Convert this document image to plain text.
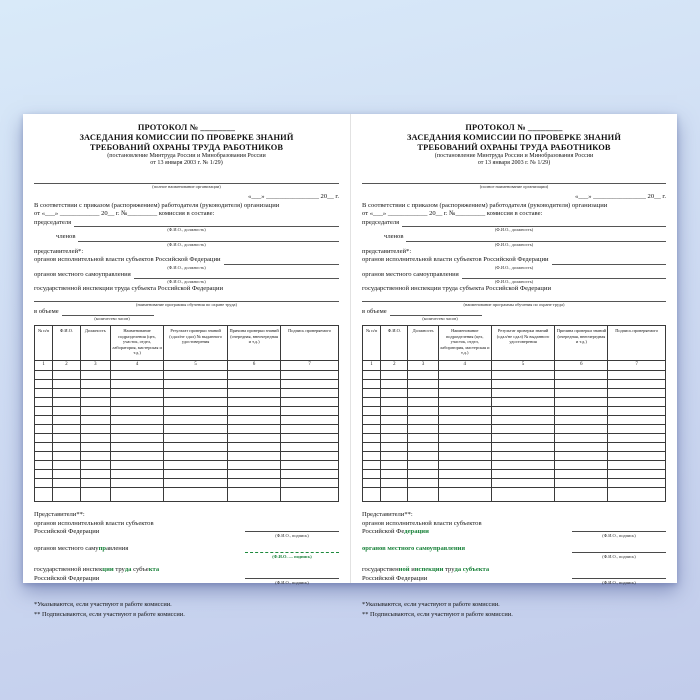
ПРОТОКОЛ № ________
ЗАСЕДАНИЯ КОМИССИИ ПО ПРОВЕРКЕ ЗНАНИЙ
ТРЕБОВАНИЙ ОХРАНЫ ТРУДА РАБОТНИКОВ
(постановление Минтруда России и Минобразования России
от 13 января 2003 г. № 1/29)
(полное наименование организации)
«___» ________________ 20__ г.
В соответствии с приказом (распоряжением) работодателя (руководителя) организации
от «___» ____________ 20__ г. №_________ комиссия в составе:
председателя
(Ф.И.О., должность)
членов
(Ф.И.О., должность)
представителей*:
органов исполнительной власти субъектов Российской Федерации
(Ф.И.О., должность)
органов местного самоуправления
(Ф.И.О., должность)
государственной инспекции труда субъекта Российской Федерации
(наименование программы обучения по охране труда)
в объеме
(количество часов)
№ п/п	Ф.И.О.	Должность	Наименование подразделения (цех, участок, отдел, лаборатория, мастерская и т.д.)	Результат проверки знаний (сдал/не сдал) № выданного удостоверения	Причина проверки знаний (очередная, внеочередная и т.д.)	Подпись проверяемого
1	2	3	4	5	6	7

Представители**:
органов исполнительной власти субъектов
Российской Федерации
(Ф.И.О., подпись)
органов местного самуправления
(Ф.И.О. — подпись)
государственной инспекции труда субъекта
Российской Федерации
(Ф.И.О., подпись)
*Указываются, если участвуют в работе комиссии.
** Подписываются, если участвуют в работе комиссии.
ПРОТОКОЛ № ________
ЗАСЕДАНИЯ КОМИССИИ ПО ПРОВЕРКЕ ЗНАНИЙ
ТРЕБОВАНИЙ ОХРАНЫ ТРУДА РАБОТНИКОВ
(постановление Минтруда России и Минобразования России
от 13 января 2003 г. № 1/29)
(полное наименование организации)
«___» ________________ 20__ г.
В соответствии с приказом (распоряжением) работодателя (руководителя) организации
от «___» ____________ 20__ г. №_________ комиссия в составе:
председателя
(Ф.И.О., должность)
членов
(Ф.И.О., должность)
представителей*:
органов исполнительной власти субъектов Российской Федерации
(Ф.И.О., должность)
органов местного самоуправления
(Ф.И.О., должность)
государственной инспекции труда субъекта Российской Федерации
(наименование программы обучения по охране труда)
в объеме
(количество часов)
№ п/п	Ф.И.О.	Должность	Наименование подразделения (цех, участок, отдел, лаборатория, мастерская и т.д.)	Результат проверки знаний (сдал/не сдал) № выданного удостоверения	Причина проверки знаний (очередная, внеочередная и т.д.)	Подпись проверяемого
1	2	3	4	5	6	7

Представители**:
органов исполнительной власти субъектов
Российской Федерации
(Ф.И.О., подпись)
органов местного самоуправления
(Ф.И.О., подпись)
государственной инспекции труда субъекта
Российской Федерации
(Ф.И.О., подпись)
*Указываются, если участвуют в работе комиссии.
** Подписываются, если участвуют в работе комиссии.
